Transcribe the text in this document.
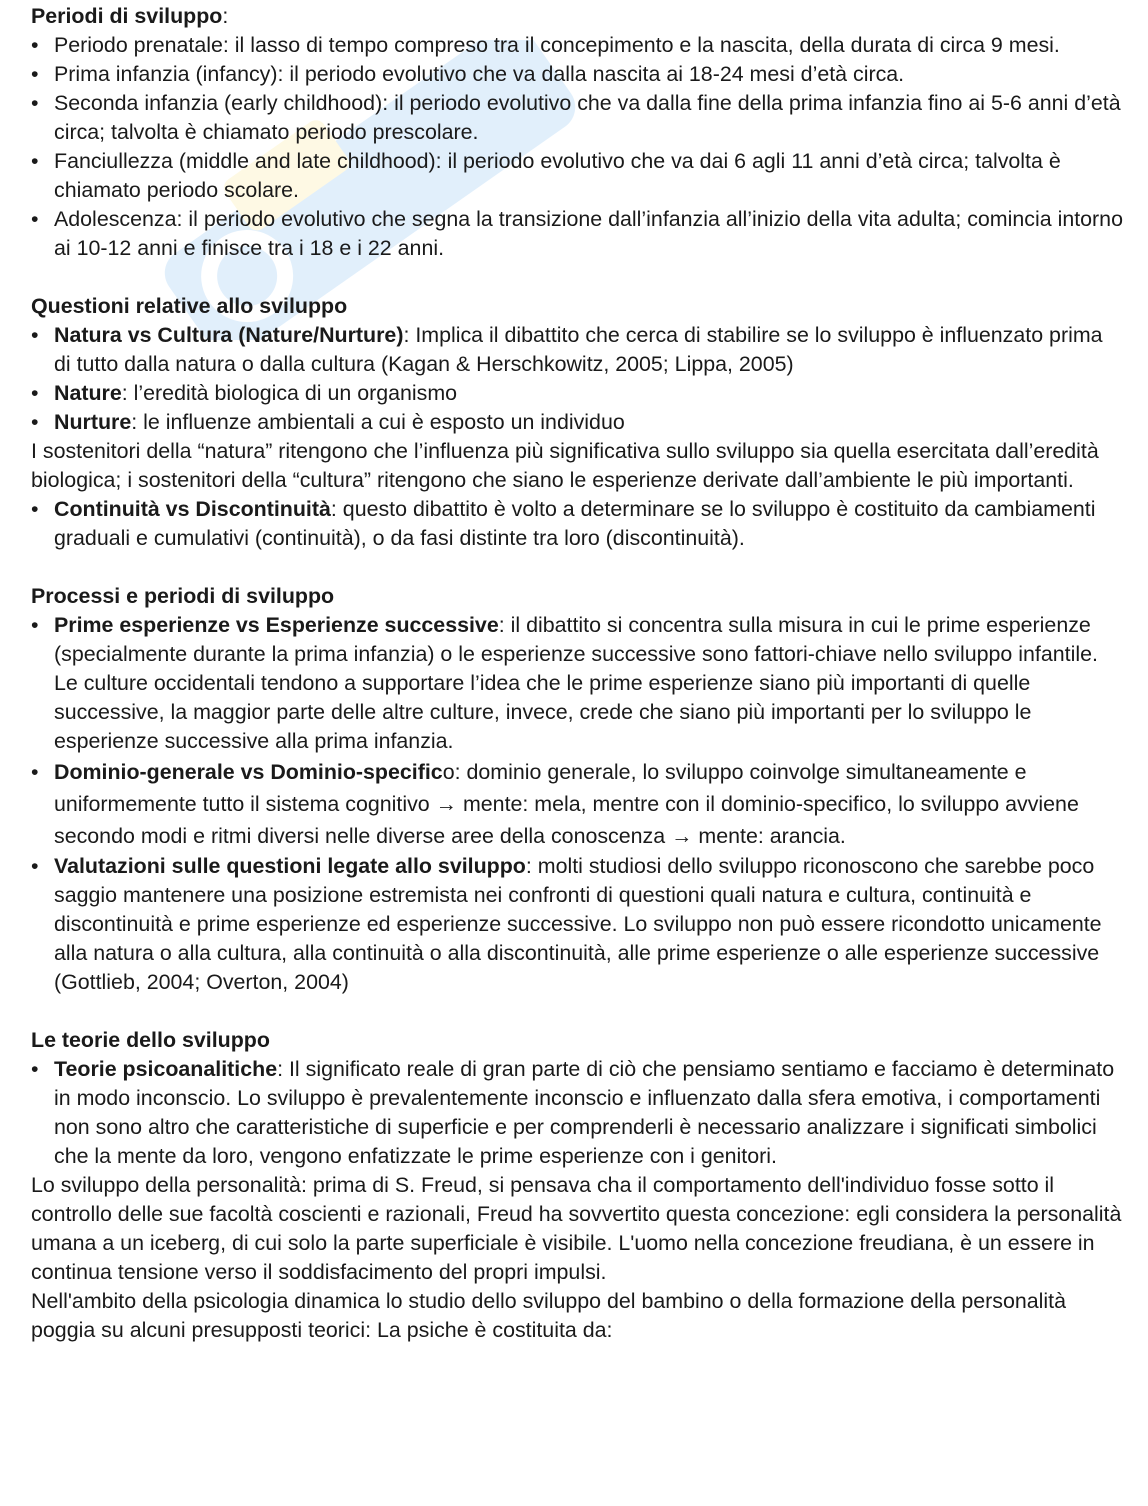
Periodi di sviluppo:

• Periodo prenatale: il lasso di tempo compreso tra il concepimento e la nascita, della durata di circa 9 mesi.
• Prima infanzia (infancy): il periodo evolutivo che va dalla nascita ai 18-24 mesi d’età circa.
• Seconda infanzia (early childhood): il periodo evolutivo che va dalla fine della prima infanzia fino ai 5-6 anni d’età circa; talvolta è chiamato periodo prescolare.
• Fanciullezza (middle and late childhood): il periodo evolutivo che va dai 6 agli 11 anni d’età circa; talvolta è chiamato periodo scolare.
• Adolescenza: il periodo evolutivo che segna la transizione dall’infanzia all’inizio della vita adulta; comincia intorno ai 10-12 anni e finisce tra i 18 e i 22 anni.

Questioni relative allo sviluppo

• Natura vs Cultura (Nature/Nurture): Implica il dibattito che cerca di stabilire se lo sviluppo è influenzato prima di tutto dalla natura o dalla cultura (Kagan & Herschkowitz, 2005; Lippa, 2005)
• Nature: l’eredità biologica di un organismo
• Nurture: le influenze ambientali a cui è esposto un individuo

I sostenitori della “natura” ritengono che l’influenza più significativa sullo sviluppo sia quella esercitata dall’eredità biologica; i sostenitori della “cultura” ritengono che siano le esperienze derivate dall’ambiente le più importanti.

• Continuità vs Discontinuità: questo dibattito è volto a determinare se lo sviluppo è costituito da cambiamenti graduali e cumulativi (continuità), o da fasi distinte tra loro (discontinuità).

Processi e periodi di sviluppo

• Prime esperienze vs Esperienze successive: il dibattito si concentra sulla misura in cui le prime esperienze (specialmente durante la prima infanzia) o le esperienze successive sono fattori-chiave nello sviluppo infantile. Le culture occidentali tendono a supportare l’idea che le prime esperienze siano più importanti di quelle successive, la maggior parte delle altre culture, invece, crede che siano più importanti per lo sviluppo le esperienze successive alla prima infanzia.
• Dominio-generale vs Dominio-specifico: dominio generale, lo sviluppo coinvolge simultaneamente e uniformemente tutto il sistema cognitivo → mente: mela, mentre con il dominio-specifico, lo sviluppo avviene secondo modi e ritmi diversi nelle diverse aree della conoscenza → mente: arancia.
• Valutazioni sulle questioni legate allo sviluppo: molti studiosi dello sviluppo riconoscono che sarebbe poco saggio mantenere una posizione estremista nei confronti di questioni quali natura e cultura, continuità e discontinuità e prime esperienze ed esperienze successive. Lo sviluppo non può essere ricondotto unicamente alla natura o alla cultura, alla continuità o alla discontinuità, alle prime esperienze o alle esperienze successive (Gottlieb, 2004; Overton, 2004)

Le teorie dello sviluppo

• Teorie psicoanalitiche: Il significato reale di gran parte di ciò che pensiamo sentiamo e facciamo è determinato in modo inconscio. Lo sviluppo è prevalentemente inconscio e influenzato dalla sfera emotiva, i comportamenti non sono altro che caratteristiche di superficie e per comprenderli è necessario analizzare i significati simbolici che la mente da loro, vengono enfatizzate le prime esperienze con i genitori.

Lo sviluppo della personalità: prima di S. Freud, si pensava cha il comportamento dell'individuo fosse sotto il controllo delle sue facoltà coscienti e razionali, Freud ha sovvertito questa concezione: egli considera la personalità umana a un iceberg, di cui solo la parte superficiale è visibile. L'uomo nella concezione freudiana, è un essere in continua tensione verso il soddisfacimento del propri impulsi.

Nell'ambito della psicologia dinamica lo studio dello sviluppo del bambino o della formazione della personalità poggia su alcuni presupposti teorici: La psiche è costituita da:
